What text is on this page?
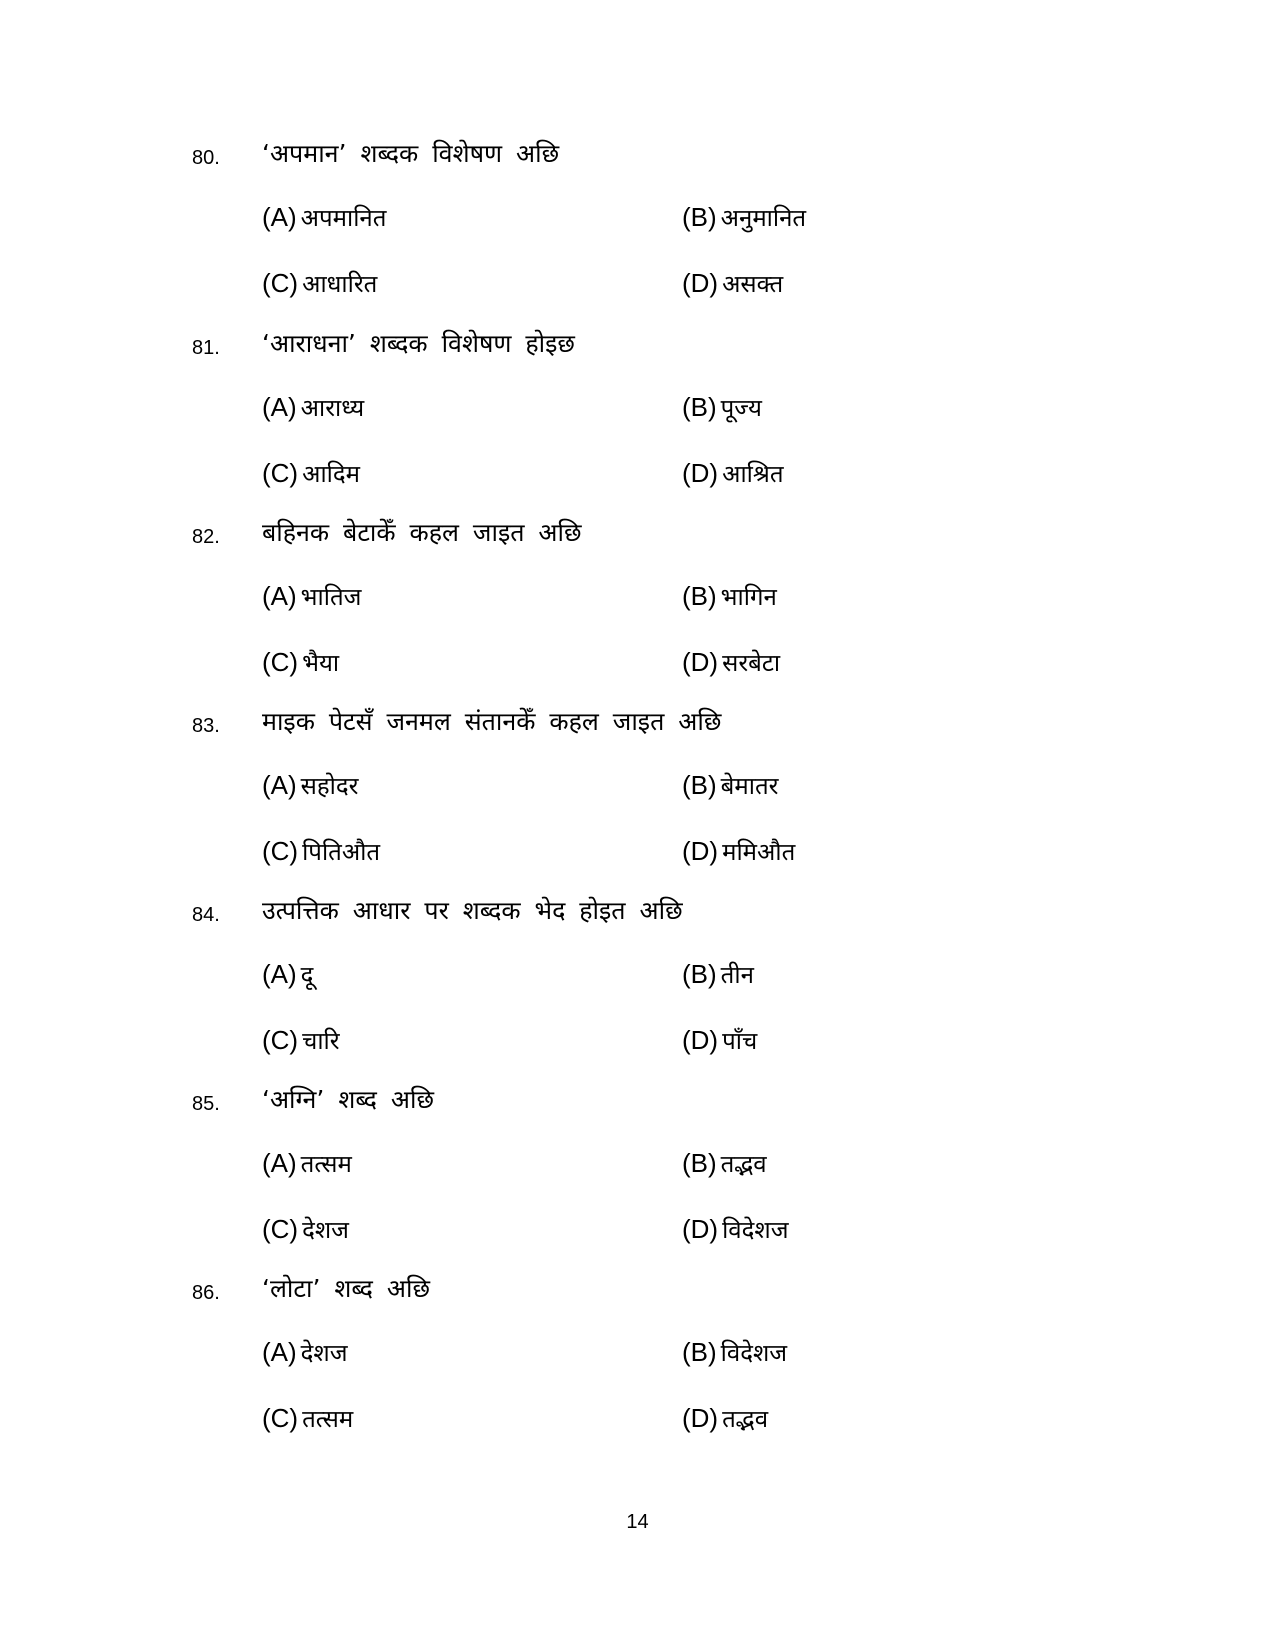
80. ‘अपमान’ शब्दक विशेषण अछि
(A) अपमानित	(B) अनुमानित
(C) आधारित	(D) असक्त
81. ‘आराधना’ शब्दक विशेषण होइछ
(A) आराध्य	(B) पूज्य
(C) आदिम	(D) आश्रित
82. बहिनक बेटाकेँ कहल जाइत अछि
(A) भातिज	(B) भागिन
(C) भैया	(D) सरबेटा
83. माइक पेटसँ जनमल संतानकेँ कहल जाइत अछि
(A) सहोदर	(B) बेमातर
(C) पितिऔत	(D) ममिऔत
84. उत्पत्तिक आधार पर शब्दक भेद होइत अछि
(A) दू	(B) तीन
(C) चारि	(D) पाँच
85. ‘अग्नि’ शब्द अछि
(A) तत्सम	(B) तद्भव
(C) देशज	(D) विदेशज
86. ‘लोटा’ शब्द अछि
(A) देशज	(B) विदेशज
(C) तत्सम	(D) तद्भव
14
